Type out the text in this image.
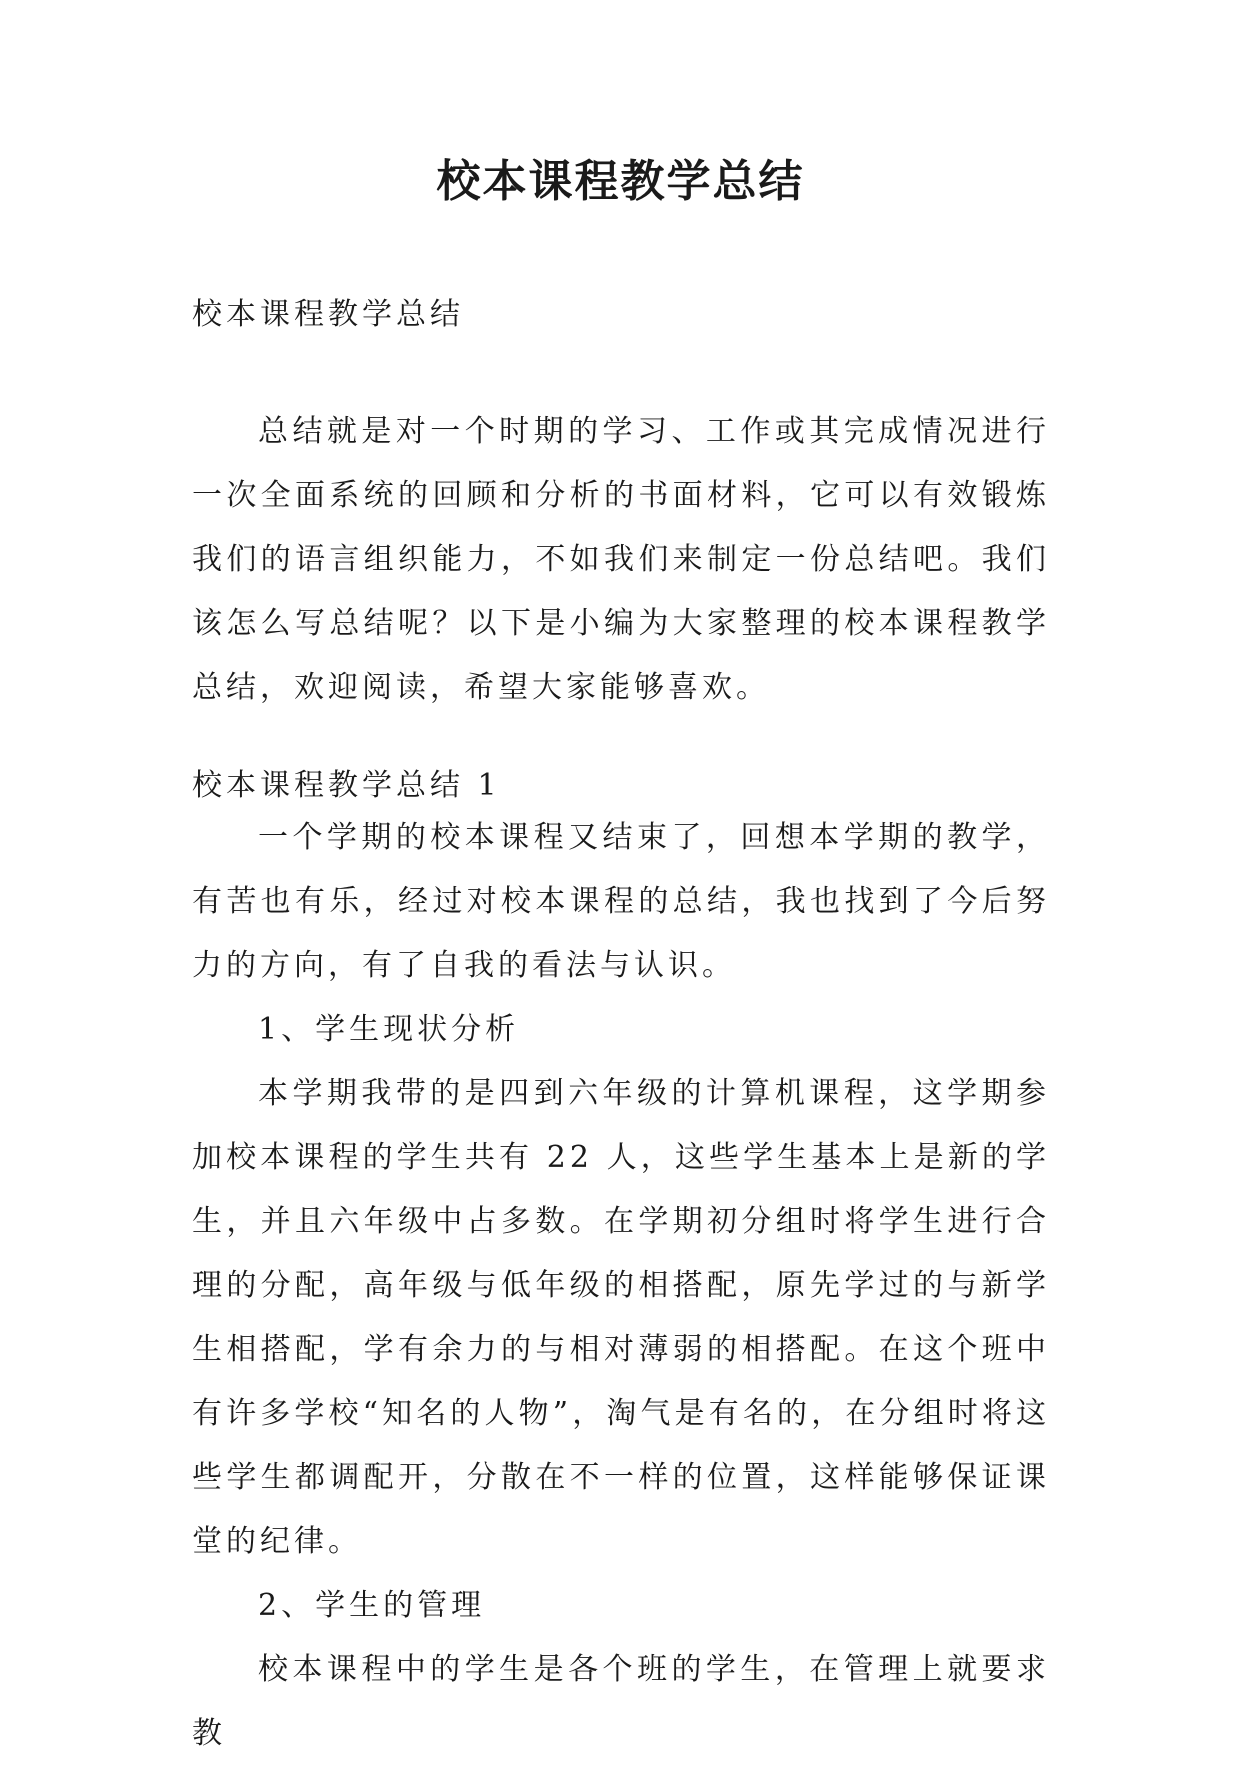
校本课程教学总结

校本课程教学总结

总结就是对一个时期的学习、工作或其完成情况进行一次全面系统的回顾和分析的书面材料，它可以有效锻炼我们的语言组织能力，不如我们来制定一份总结吧。我们该怎么写总结呢？以下是小编为大家整理的校本课程教学总结，欢迎阅读，希望大家能够喜欢。

校本课程教学总结 1

一个学期的校本课程又结束了，回想本学期的教学，有苦也有乐，经过对校本课程的总结，我也找到了今后努力的方向，有了自我的看法与认识。

1、学生现状分析

本学期我带的是四到六年级的计算机课程，这学期参加校本课程的学生共有 22 人，这些学生基本上是新的学生，并且六年级中占多数。在学期初分组时将学生进行合理的分配，高年级与低年级的相搭配，原先学过的与新学生相搭配，学有余力的与相对薄弱的相搭配。在这个班中有许多学校“知名的人物”，淘气是有名的，在分组时将这些学生都调配开，分散在不一样的位置，这样能够保证课堂的纪律。

2、学生的管理

校本课程中的学生是各个班的学生，在管理上就要求教
